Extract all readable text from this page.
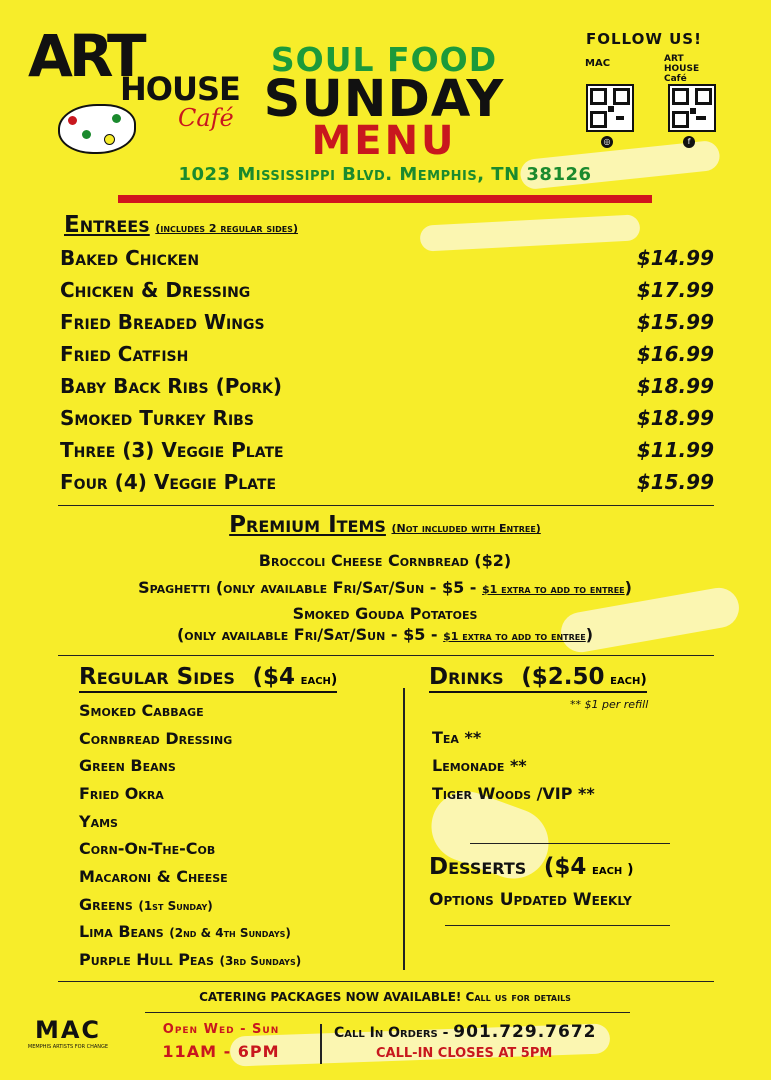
ART
HOUSE
Café
SOUL FOOD
SUNDAY
MENU
1023 Mississippi Blvd. Memphis, TN 38126
FOLLOW US!
MAC
◎
ART HOUSE Café
f
Entrees (includes 2 regular sides)
Baked Chicken	$14.99
Chicken & Dressing	$17.99
Fried Breaded Wings	$15.99
Fried Catfish	$16.99
Baby Back Ribs (Pork)	$18.99
Smoked Turkey Ribs	$18.99
Three (3) Veggie Plate	$11.99
Four (4) Veggie Plate	$15.99
Premium Items (Not included with Entree)
Broccoli Cheese Cornbread ($2)
Spaghetti (only available Fri/Sat/Sun - $5 - $1 extra to add to entree)
Smoked Gouda Potatoes
(only available Fri/Sat/Sun - $5 - $1 extra to add to entree)
Regular Sides ($4 each)
Smoked Cabbage
Cornbread Dressing
Green Beans
Fried Okra
Yams
Corn-On-The-Cob
Macaroni & Cheese
Greens (1st Sunday)
Lima Beans (2nd & 4th Sundays)
Purple Hull Peas (3rd Sundays)
Drinks ($2.50 each)
** $1 per refill
Tea **
Lemonade **
Tiger Woods /VIP **
Desserts ($4 each )
Options Updated Weekly
CATERING PACKAGES NOW AVAILABLE! Call us for details
MAC
MEMPHIS ARTISTS FOR CHANGE
Open Wed - Sun
11AM - 6PM
Call In Orders - 901.729.7672
CALL-IN CLOSES AT 5PM
